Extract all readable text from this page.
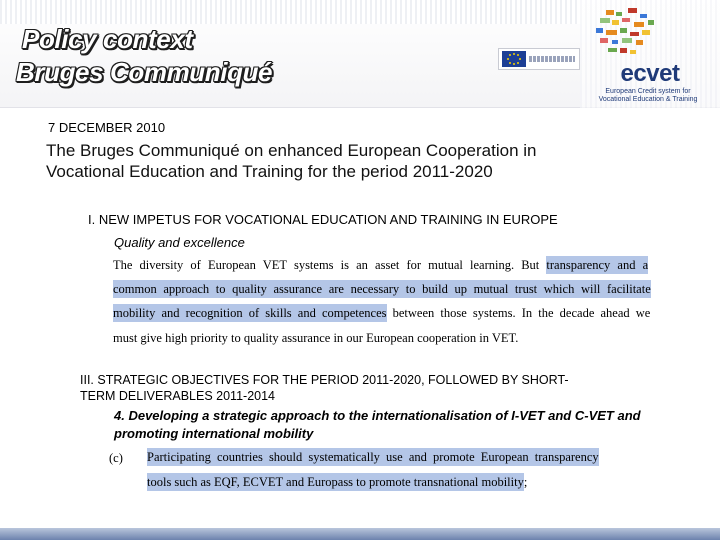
Policy context
Bruges Communiqué	ecvet
European Credit system for
Vocational Education & Training
7 DECEMBER 2010
The Bruges Communiqué on enhanced European Cooperation in
Vocational Education and Training for the period 2011-2020
I. NEW IMPETUS FOR VOCATIONAL EDUCATION AND TRAINING IN EUROPE
Quality and excellence
The diversity of European VET systems is an asset for mutual learning. But transparency and a
common approach to quality assurance are necessary to build up mutual trust which will facilitate
mobility and recognition of skills and competences between those systems. In the decade ahead we
must give high priority to quality assurance in our European cooperation in VET.
III. STRATEGIC OBJECTIVES FOR THE PERIOD 2011-2020, FOLLOWED BY SHORT-
TERM DELIVERABLES 2011-2014
4. Developing a strategic approach to the internationalisation of I-VET and C-VET and
promoting international mobility
(c) Participating countries should systematically use and promote European transparency
tools such as EQF, ECVET and Europass to promote transnational mobility;
